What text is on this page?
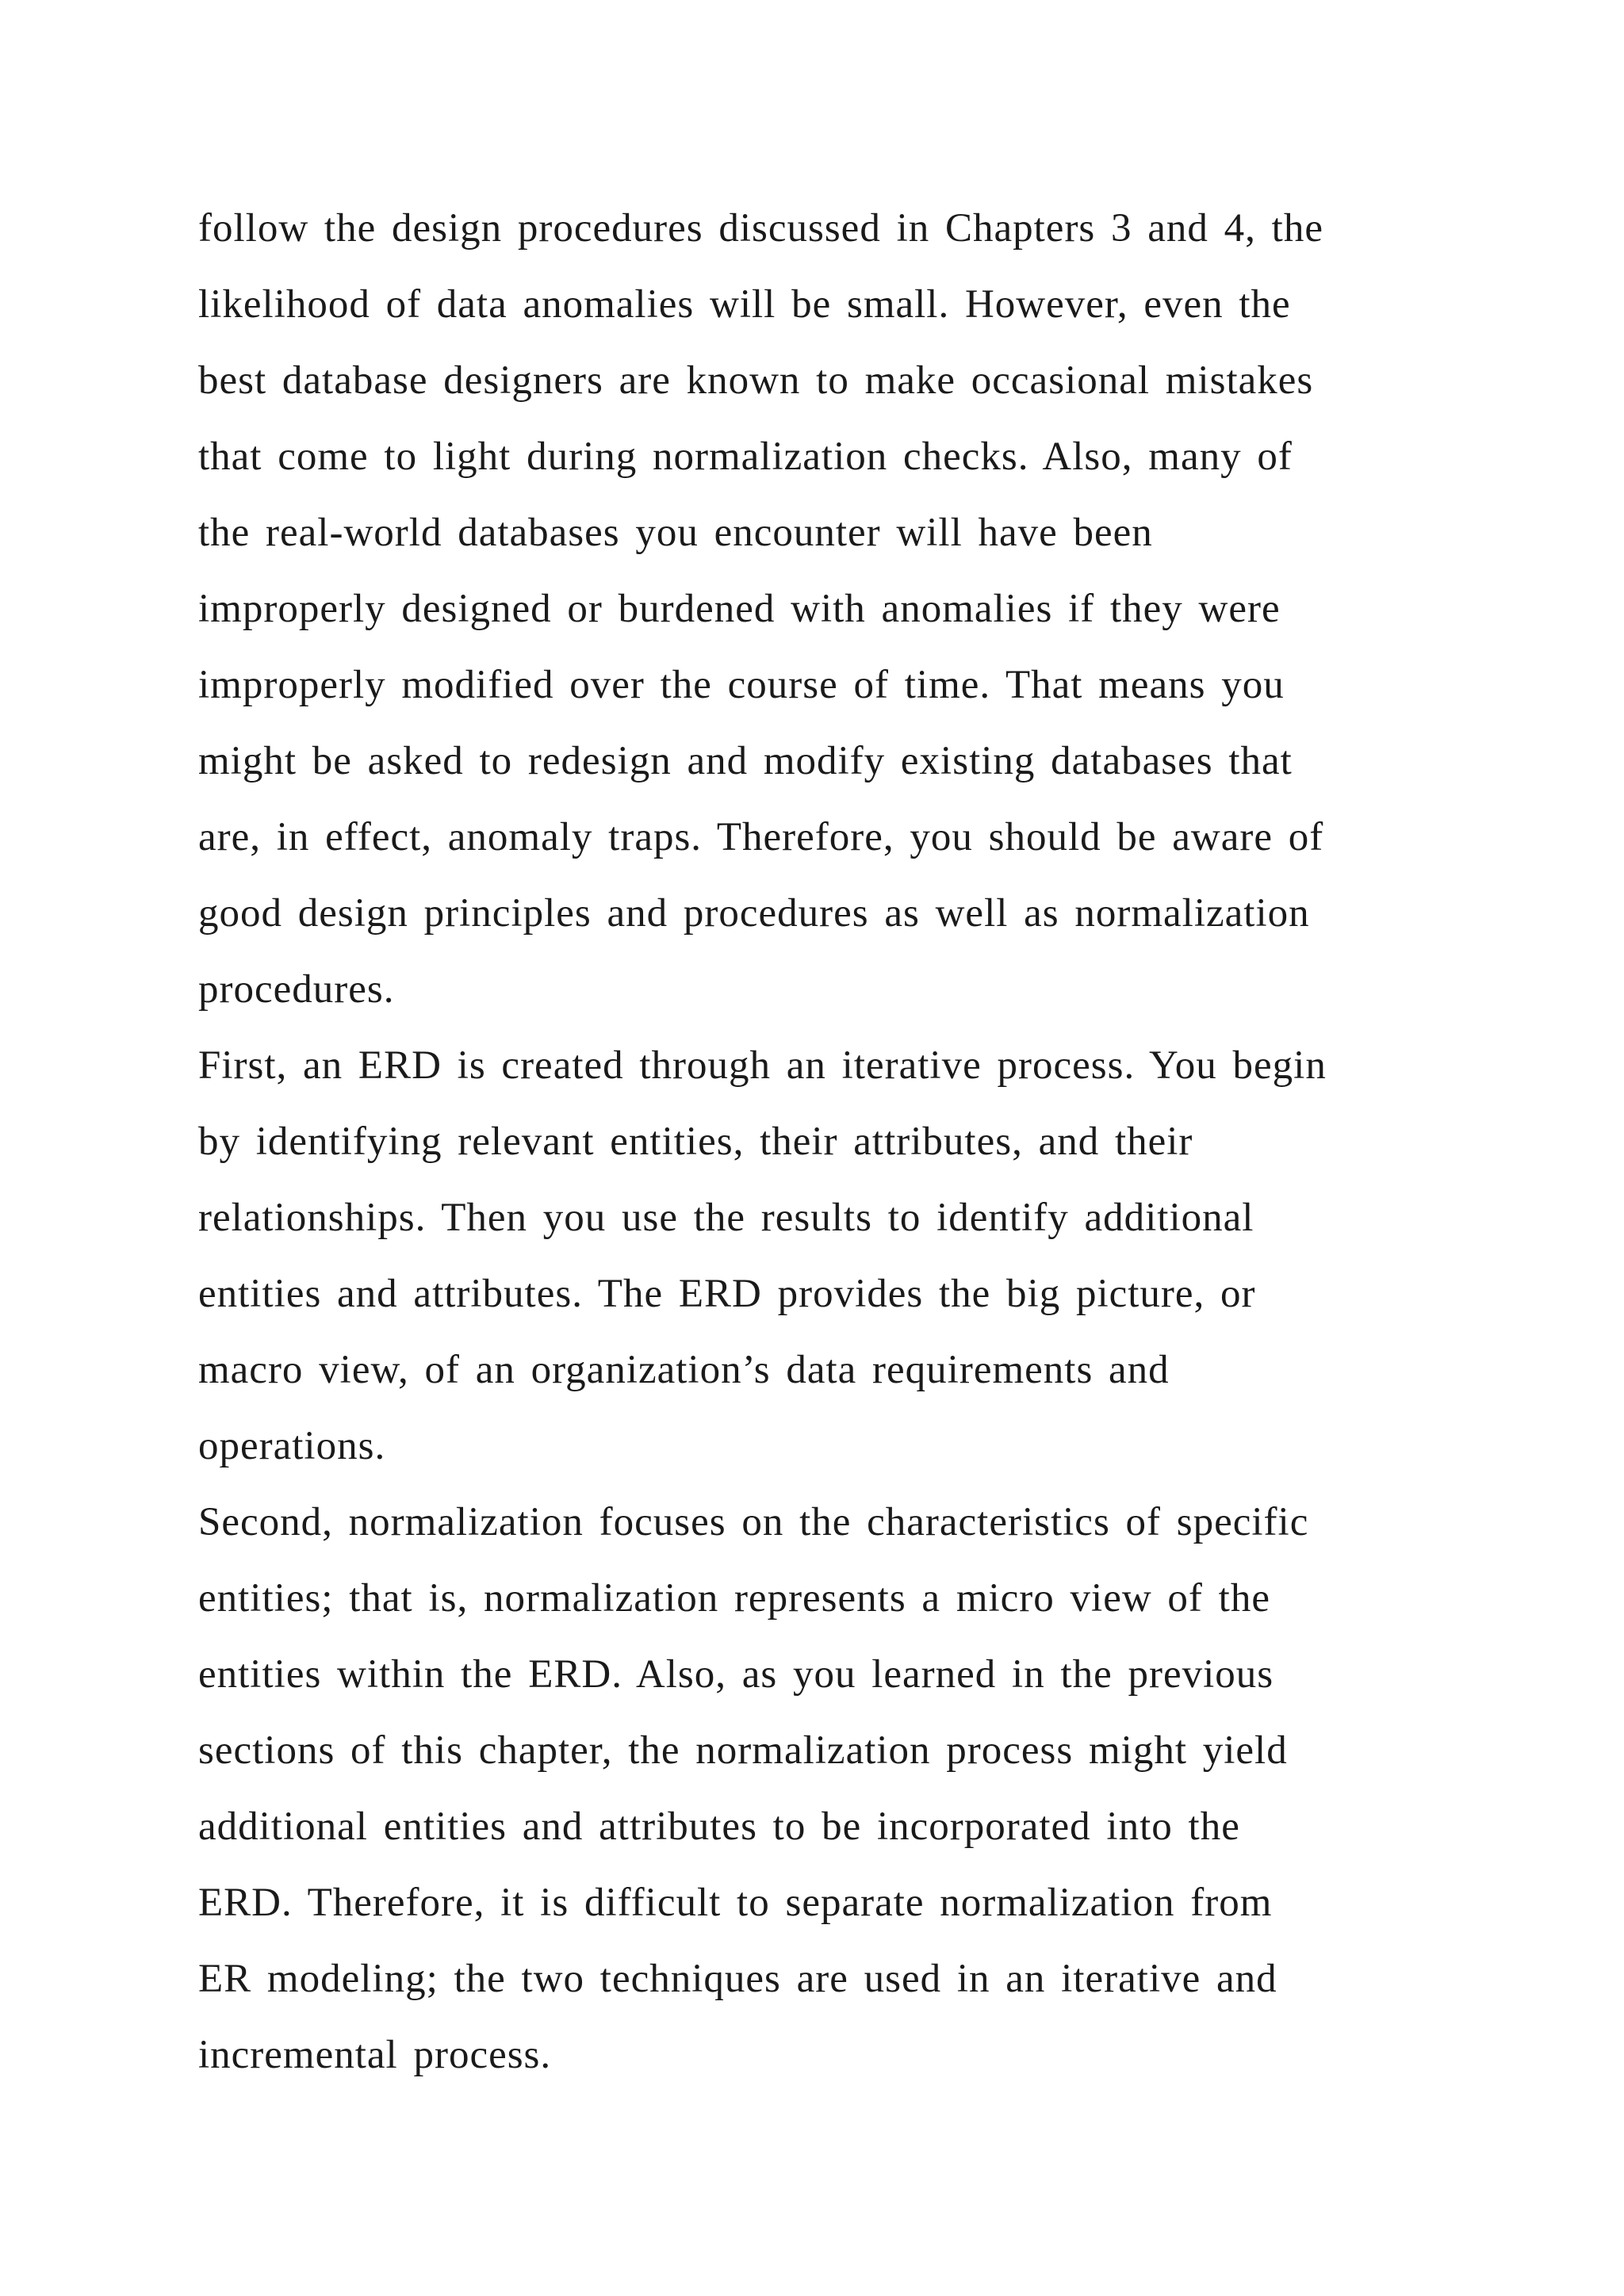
follow the design procedures discussed in Chapters 3 and 4, the
likelihood of data anomalies will be small. However, even the
best database designers are known to make occasional mistakes
that come to light during normalization checks. Also, many of
the real-world databases you encounter will have been
improperly designed or burdened with anomalies if they were
improperly modified over the course of time. That means you
might be asked to redesign and modify existing databases that
are, in effect, anomaly traps. Therefore, you should be aware of
good design principles and procedures as well as normalization
procedures.
First, an ERD is created through an iterative process. You begin
by identifying relevant entities, their attributes, and their
relationships. Then you use the results to identify additional
entities and attributes. The ERD provides the big picture, or
macro view, of an organization’s data requirements and
operations.
Second, normalization focuses on the characteristics of specific
entities; that is, normalization represents a micro view of the
entities within the ERD. Also, as you learned in the previous
sections of this chapter, the normalization process might yield
additional entities and attributes to be incorporated into the
ERD. Therefore, it is difficult to separate normalization from
ER modeling; the two techniques are used in an iterative and
incremental process.
